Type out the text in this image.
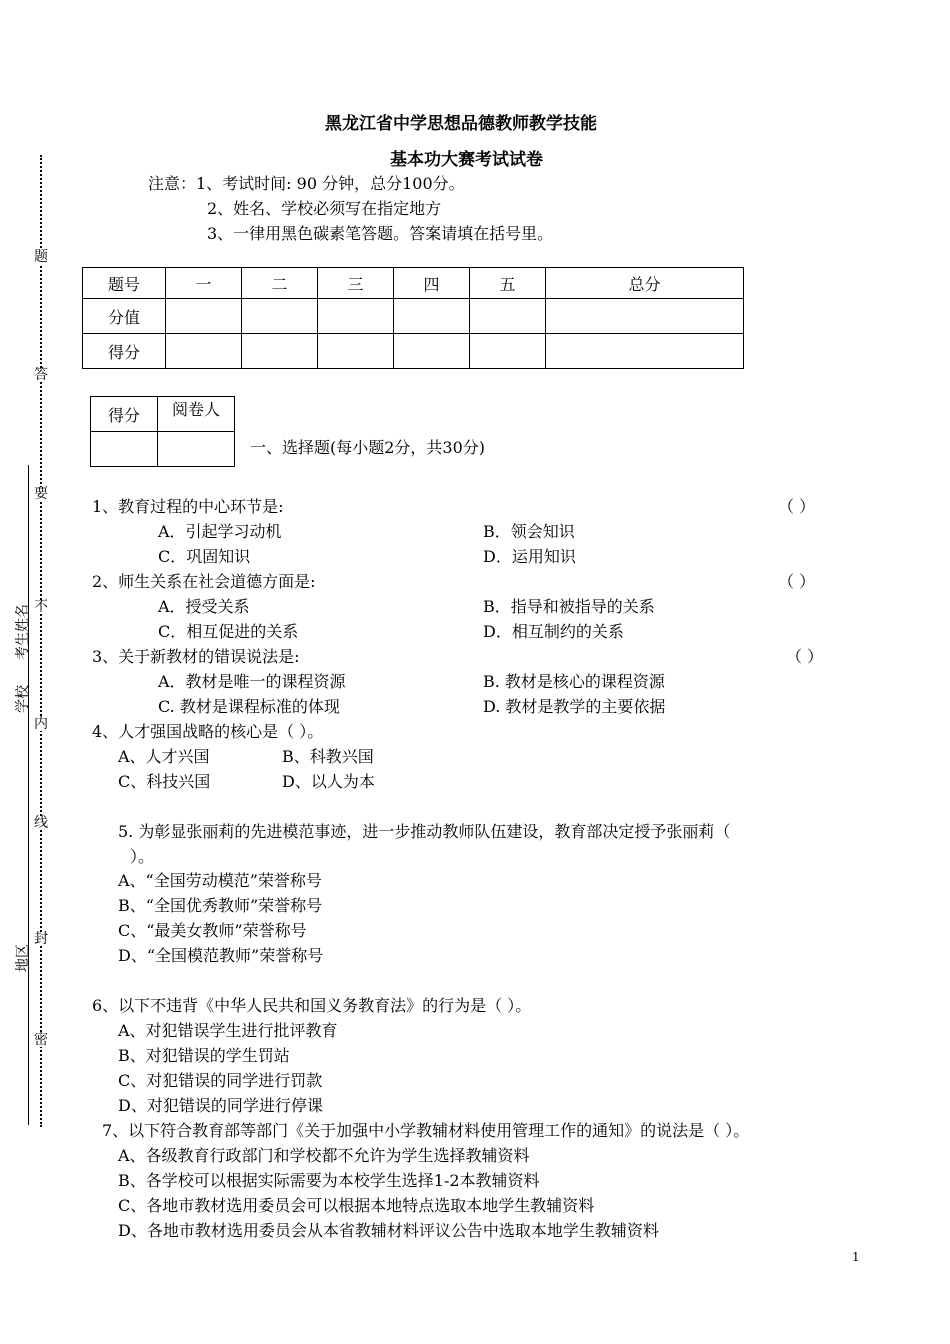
题
答
要
不
内
线
封
密
考生姓名
学校
地区
黑龙江省中学思想品德教师教学技能
基本功大赛考试试卷
注意：1、考试时间: 90 分钟，总分100分。
2、姓名、学校必须写在指定地方
3、一律用黑色碳素笔答题。答案请填在括号里。
题号	一	二	三	四	五	总分
分值						
得分						
得分	阅卷人

一、选择题(每小题2分，共30分)
1、教育过程的中心环节是:	（ ）
A．引起学习动机	B．领会知识
C．巩固知识	D．运用知识
2、师生关系在社会道德方面是:	（ ）
A．授受关系	B．指导和被指导的关系
C．相互促进的关系	D．相互制约的关系
3、关于新教材的错误说法是:	（ ）
A．教材是唯一的课程资源	B. 教材是核心的课程资源
C. 教材是课程标准的体现	D. 教材是教学的主要依据
4、人才强国战略的核心是（ ）。
A、人才兴国	B、科教兴国
C、科技兴国	D、以人为本
5. 为彰显张丽莉的先进模范事迹，进一步推动教师队伍建设，教育部决定授予张丽莉（
）。
A、“全国劳动模范”荣誉称号
B、“全国优秀教师”荣誉称号
C、“最美女教师”荣誉称号
D、“全国模范教师”荣誉称号
6、以下不违背《中华人民共和国义务教育法》的行为是（ ）。
A、对犯错误学生进行批评教育
B、对犯错误的学生罚站
C、对犯错误的同学进行罚款
D、对犯错误的同学进行停课
7、以下符合教育部等部门《关于加强中小学教辅材料使用管理工作的通知》的说法是（ ）。
A、各级教育行政部门和学校都不允许为学生选择教辅资料
B、各学校可以根据实际需要为本校学生选择1-2本教辅资料
C、各地市教材选用委员会可以根据本地特点选取本地学生教辅资料
D、各地市教材选用委员会从本省教辅材料评议公告中选取本地学生教辅资料
1
